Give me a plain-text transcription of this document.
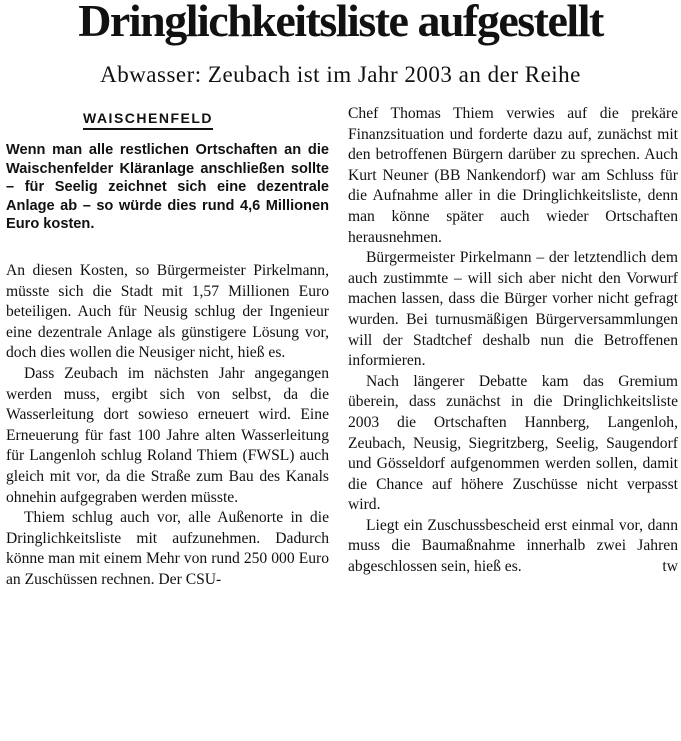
Dringlichkeitsliste aufgestellt
Abwasser: Zeubach ist im Jahr 2003 an der Reihe
WAISCHENFELD
Wenn man alle restlichen Ortschaften an die Waischenfelder Kläranlage anschließen sollte – für Seelig zeichnet sich eine dezentrale Anlage ab – so würde dies rund 4,6 Millionen Euro kosten.

An diesen Kosten, so Bürgermeister Pirkelmann, müsste sich die Stadt mit 1,57 Millionen Euro beteiligen. Auch für Neusig schlug der Ingenieur eine dezentrale Anlage als günstigere Lösung vor, doch dies wollen die Neusiger nicht, hieß es.

Dass Zeubach im nächsten Jahr angegangen werden muss, ergibt sich von selbst, da die Wasserleitung dort sowieso erneuert wird. Eine Erneuerung für fast 100 Jahre alten Wasserleitung für Langenloh schlug Roland Thiem (FWSL) auch gleich mit vor, da die Straße zum Bau des Kanals ohnehin aufgegraben werden müsste.

Thiem schlug auch vor, alle Außenorte in die Dringlichkeitsliste mit aufzunehmen. Dadurch könne man mit einem Mehr von rund 250 000 Euro an Zuschüssen rechnen. Der CSU-

Chef Thomas Thiem verwies auf die prekäre Finanzsituation und forderte dazu auf, zunächst mit den betroffenen Bürgern darüber zu sprechen. Auch Kurt Neuner (BB Nankendorf) war am Schluss für die Aufnahme aller in die Dringlichkeitsliste, denn man könne später auch wieder Ortschaften herausnehmen.

Bürgermeister Pirkelmann – der letztendlich dem auch zustimmte – will sich aber nicht den Vorwurf machen lassen, dass die Bürger vorher nicht gefragt wurden. Bei turnusmäßigen Bürgerversammlungen will der Stadtchef deshalb nun die Betroffenen informieren.

Nach längerer Debatte kam das Gremium überein, dass zunächst in die Dringlichkeitsliste 2003 die Ortschaften Hannberg, Langenloh, Zeubach, Neusig, Siegritzberg, Seelig, Saugendorf und Gösseldorf aufgenommen werden sollen, damit die Chance auf höhere Zuschüsse nicht verpasst wird.

Liegt ein Zuschussbescheid erst einmal vor, dann muss die Baumaßnahme innerhalb zwei Jahren abgeschlossen sein, hieß es.	tw
